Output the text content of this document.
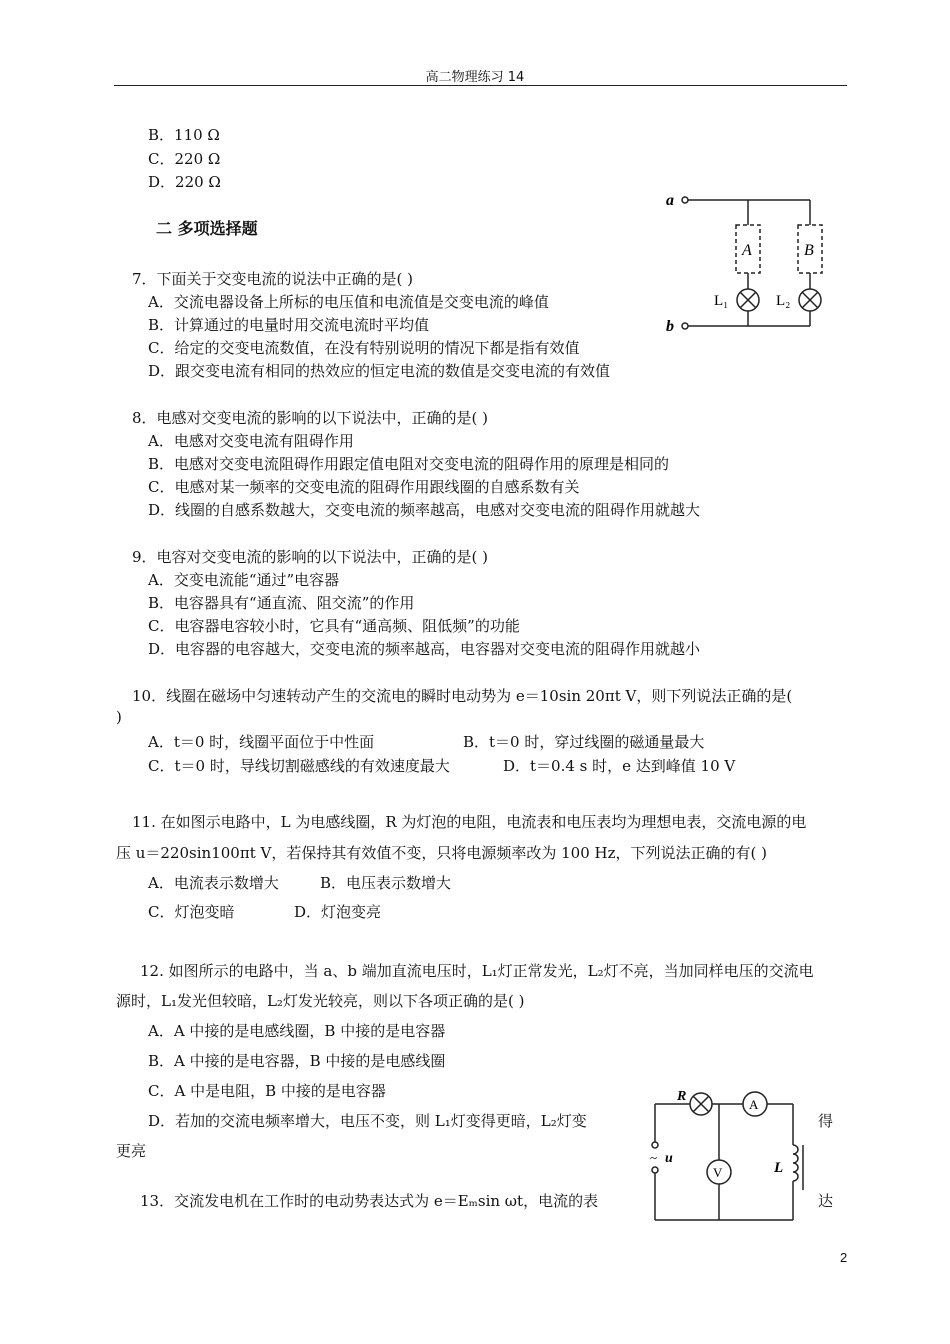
高二物理练习 14
B．110 Ω
C．220 Ω
D．220 Ω
二 多项选择题
7．下面关于交变电流的说法中正确的是( )
A．交流电器设备上所标的电压值和电流值是交变电流的峰值
B．计算通过的电量时用交流电流时平均值
C．给定的交变电流数值，在没有特别说明的情况下都是指有效值
D．跟交变电流有相同的热效应的恒定电流的数值是交变电流的有效值
8．电感对交变电流的影响的以下说法中，正确的是( )
A．电感对交变电流有阻碍作用
B．电感对交变电流阻碍作用跟定值电阻对交变电流的阻碍作用的原理是相同的
C．电感对某一频率的交变电流的阻碍作用跟线圈的自感系数有关
D．线圈的自感系数越大，交变电流的频率越高，电感对交变电流的阻碍作用就越大
9．电容对交变电流的影响的以下说法中，正确的是( )
A．交变电流能“通过”电容器
B．电容器具有“通直流、阻交流”的作用
C．电容器电容较小时，它具有“通高频、阻低频”的功能
D．电容器的电容越大，交变电流的频率越高，电容器对交变电流的阻碍作用就越小
10．线圈在磁场中匀速转动产生的交流电的瞬时电动势为 e＝10sin 20πt V，则下列说法正确的是(
)
A．t＝0 时，线圈平面位于中性面	B．t＝0 时，穿过线圈的磁通量最大
C．t＝0 时，导线切割磁感线的有效速度最大	D．t＝0.4 s 时，e 达到峰值 10 V
11. 在如图示电路中，L 为电感线圈，R 为灯泡的电阻，电流表和电压表均为理想电表，交流电源的电
压 u＝220sin100πt V，若保持其有效值不变，只将电源频率改为 100 Hz，下列说法正确的有( )
A．电流表示数增大	B．电压表示数增大
C．灯泡变暗	D．灯泡变亮
12. 如图所示的电路中，当 a、b 端加直流电压时，L₁灯正常发光，L₂灯不亮，当加同样电压的交流电
源时，L₁发光但较暗，L₂灯发光较亮，则以下各项正确的是( )
A．A 中接的是电感线圈，B 中接的是电容器
B．A 中接的是电容器，B 中接的是电感线圈
C．A 中是电阻，B 中接的是电容器
D．若加的交流电频率增大，电压不变，则 L₁灯变得更暗，L₂灯变	得
更亮
13．交流发电机在工作时的电动势表达式为 e＝Eₘsin ωt，电流的表	达
a
b
A	B
L₁	L₂
R
A
V	L
~ u
2
